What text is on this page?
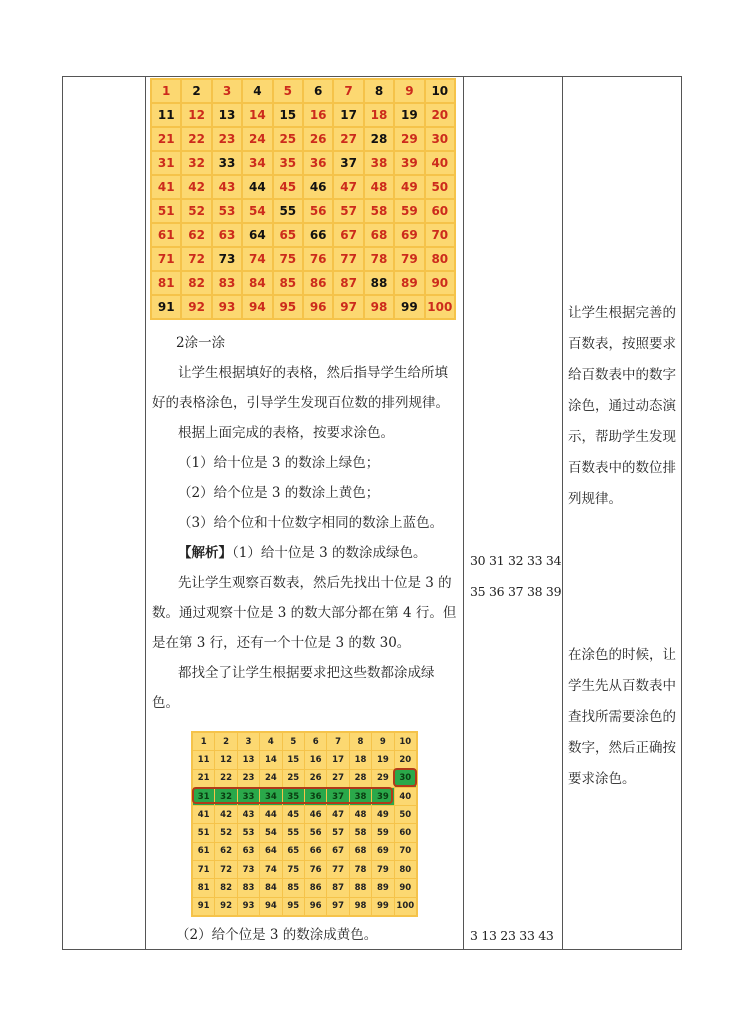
1	2	3	4	5	6	7	8	9	10
11	12	13	14	15	16	17	18	19	20
21	22	23	24	25	26	27	28	29	30
31	32	33	34	35	36	37	38	39	40
41	42	43	44	45	46	47	48	49	50
51	52	53	54	55	56	57	58	59	60
61	62	63	64	65	66	67	68	69	70
71	72	73	74	75	76	77	78	79	80
81	82	83	84	85	86	87	88	89	90
91	92	93	94	95	96	97	98	99 100
2涂一涂

让学生根据填好的表格，然后指导学生给所填好的表格涂色，引导学生发现百位数的排列规律。

根据上面完成的表格，按要求涂色。

（1）给十位是 3 的数涂上绿色；

（2）给个位是 3 的数涂上黄色；

（3）给个位和十位数字相同的数涂上蓝色。

【解析】（1）给十位是 3 的数涂成绿色。

先让学生观察百数表，然后先找出十位是 3 的数。通过观察十位是 3 的数大部分都在第 4 行。但是在第 3 行，还有一个十位是 3 的数 30。

都找全了让学生根据要求把这些数都涂成绿色。

1	2	3	4	5	6	7	8	9	10
11	12	13	14	15	16	17	18	19	20
21	22	23	24	25	26	27	28	29	30
31	32	33	34	35	36	37	38	39	40
41	42	43	44	45	46	47	48	49	50
51	52	53	54	55	56	57	58	59	60
61	62	63	64	65	66	67	68	69	70
71	72	73	74	75	76	77	78	79	80
81	82	83	84	85	86	87	88	89	90
91	92	93	94	95	96	97	98	99 100
（2）给个位是 3 的数涂成黄色。
30 31 32 33 34
35 36 37 38 39
3 13 23 33 43
让学生根据完善的百数表，按照要求给百数表中的数字涂色，通过动态演示，帮助学生发现百数表中的数位排列规律。
在涂色的时候，让学生先从百数表中查找所需要涂色的数字，然后正确按要求涂色。
